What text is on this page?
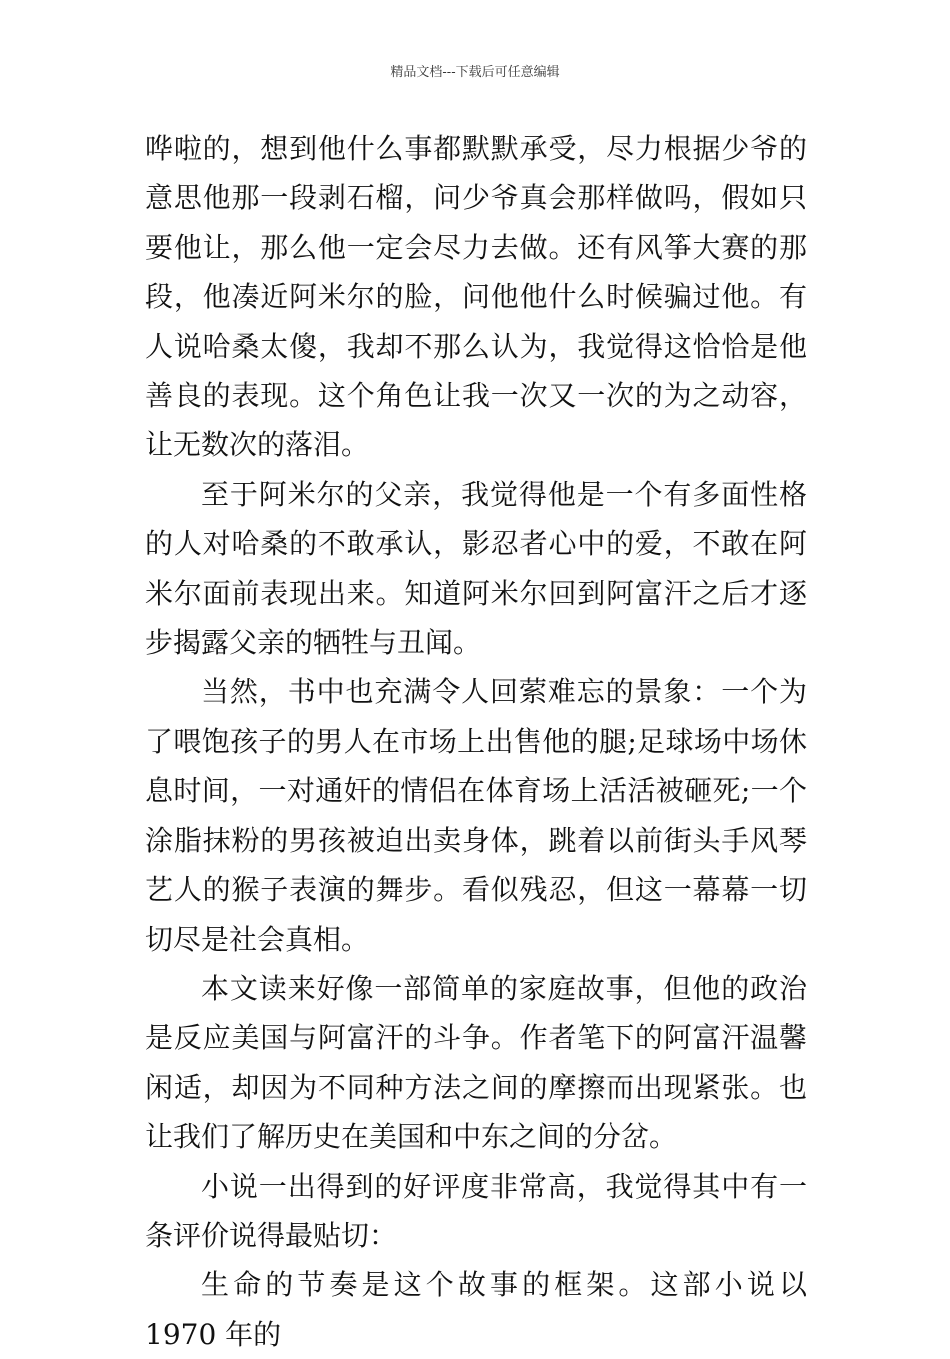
精品文档---下载后可任意编辑

哗啦的，想到他什么事都默默承受，尽力根据少爷的意思他那一段剥石榴，问少爷真会那样做吗，假如只要他让，那么他一定会尽力去做。还有风筝大赛的那段，他凑近阿米尔的脸，问他他什么时候骗过他。有人说哈桑太傻，我却不那么认为，我觉得这恰恰是他善良的表现。这个角色让我一次又一次的为之动容，让无数次的落泪。

至于阿米尔的父亲，我觉得他是一个有多面性格的人对哈桑的不敢承认，影忍者心中的爱，不敢在阿米尔面前表现出来。知道阿米尔回到阿富汗之后才逐步揭露父亲的牺牲与丑闻。

当然，书中也充满令人回萦难忘的景象：一个为了喂饱孩子的男人在市场上出售他的腿;足球场中场休息时间，一对通奸的情侣在体育场上活活被砸死;一个涂脂抹粉的男孩被迫出卖身体，跳着以前街头手风琴艺人的猴子表演的舞步。看似残忍，但这一幕幕一切切尽是社会真相。

本文读来好像一部简单的家庭故事，但他的政治是反应美国与阿富汗的斗争。作者笔下的阿富汗温馨闲适，却因为不同种方法之间的摩擦而出现紧张。也让我们了解历史在美国和中东之间的分岔。

小说一出得到的好评度非常高，我觉得其中有一条评价说得最贴切：

生命的节奏是这个故事的框架。这部小说以 1970 年的
